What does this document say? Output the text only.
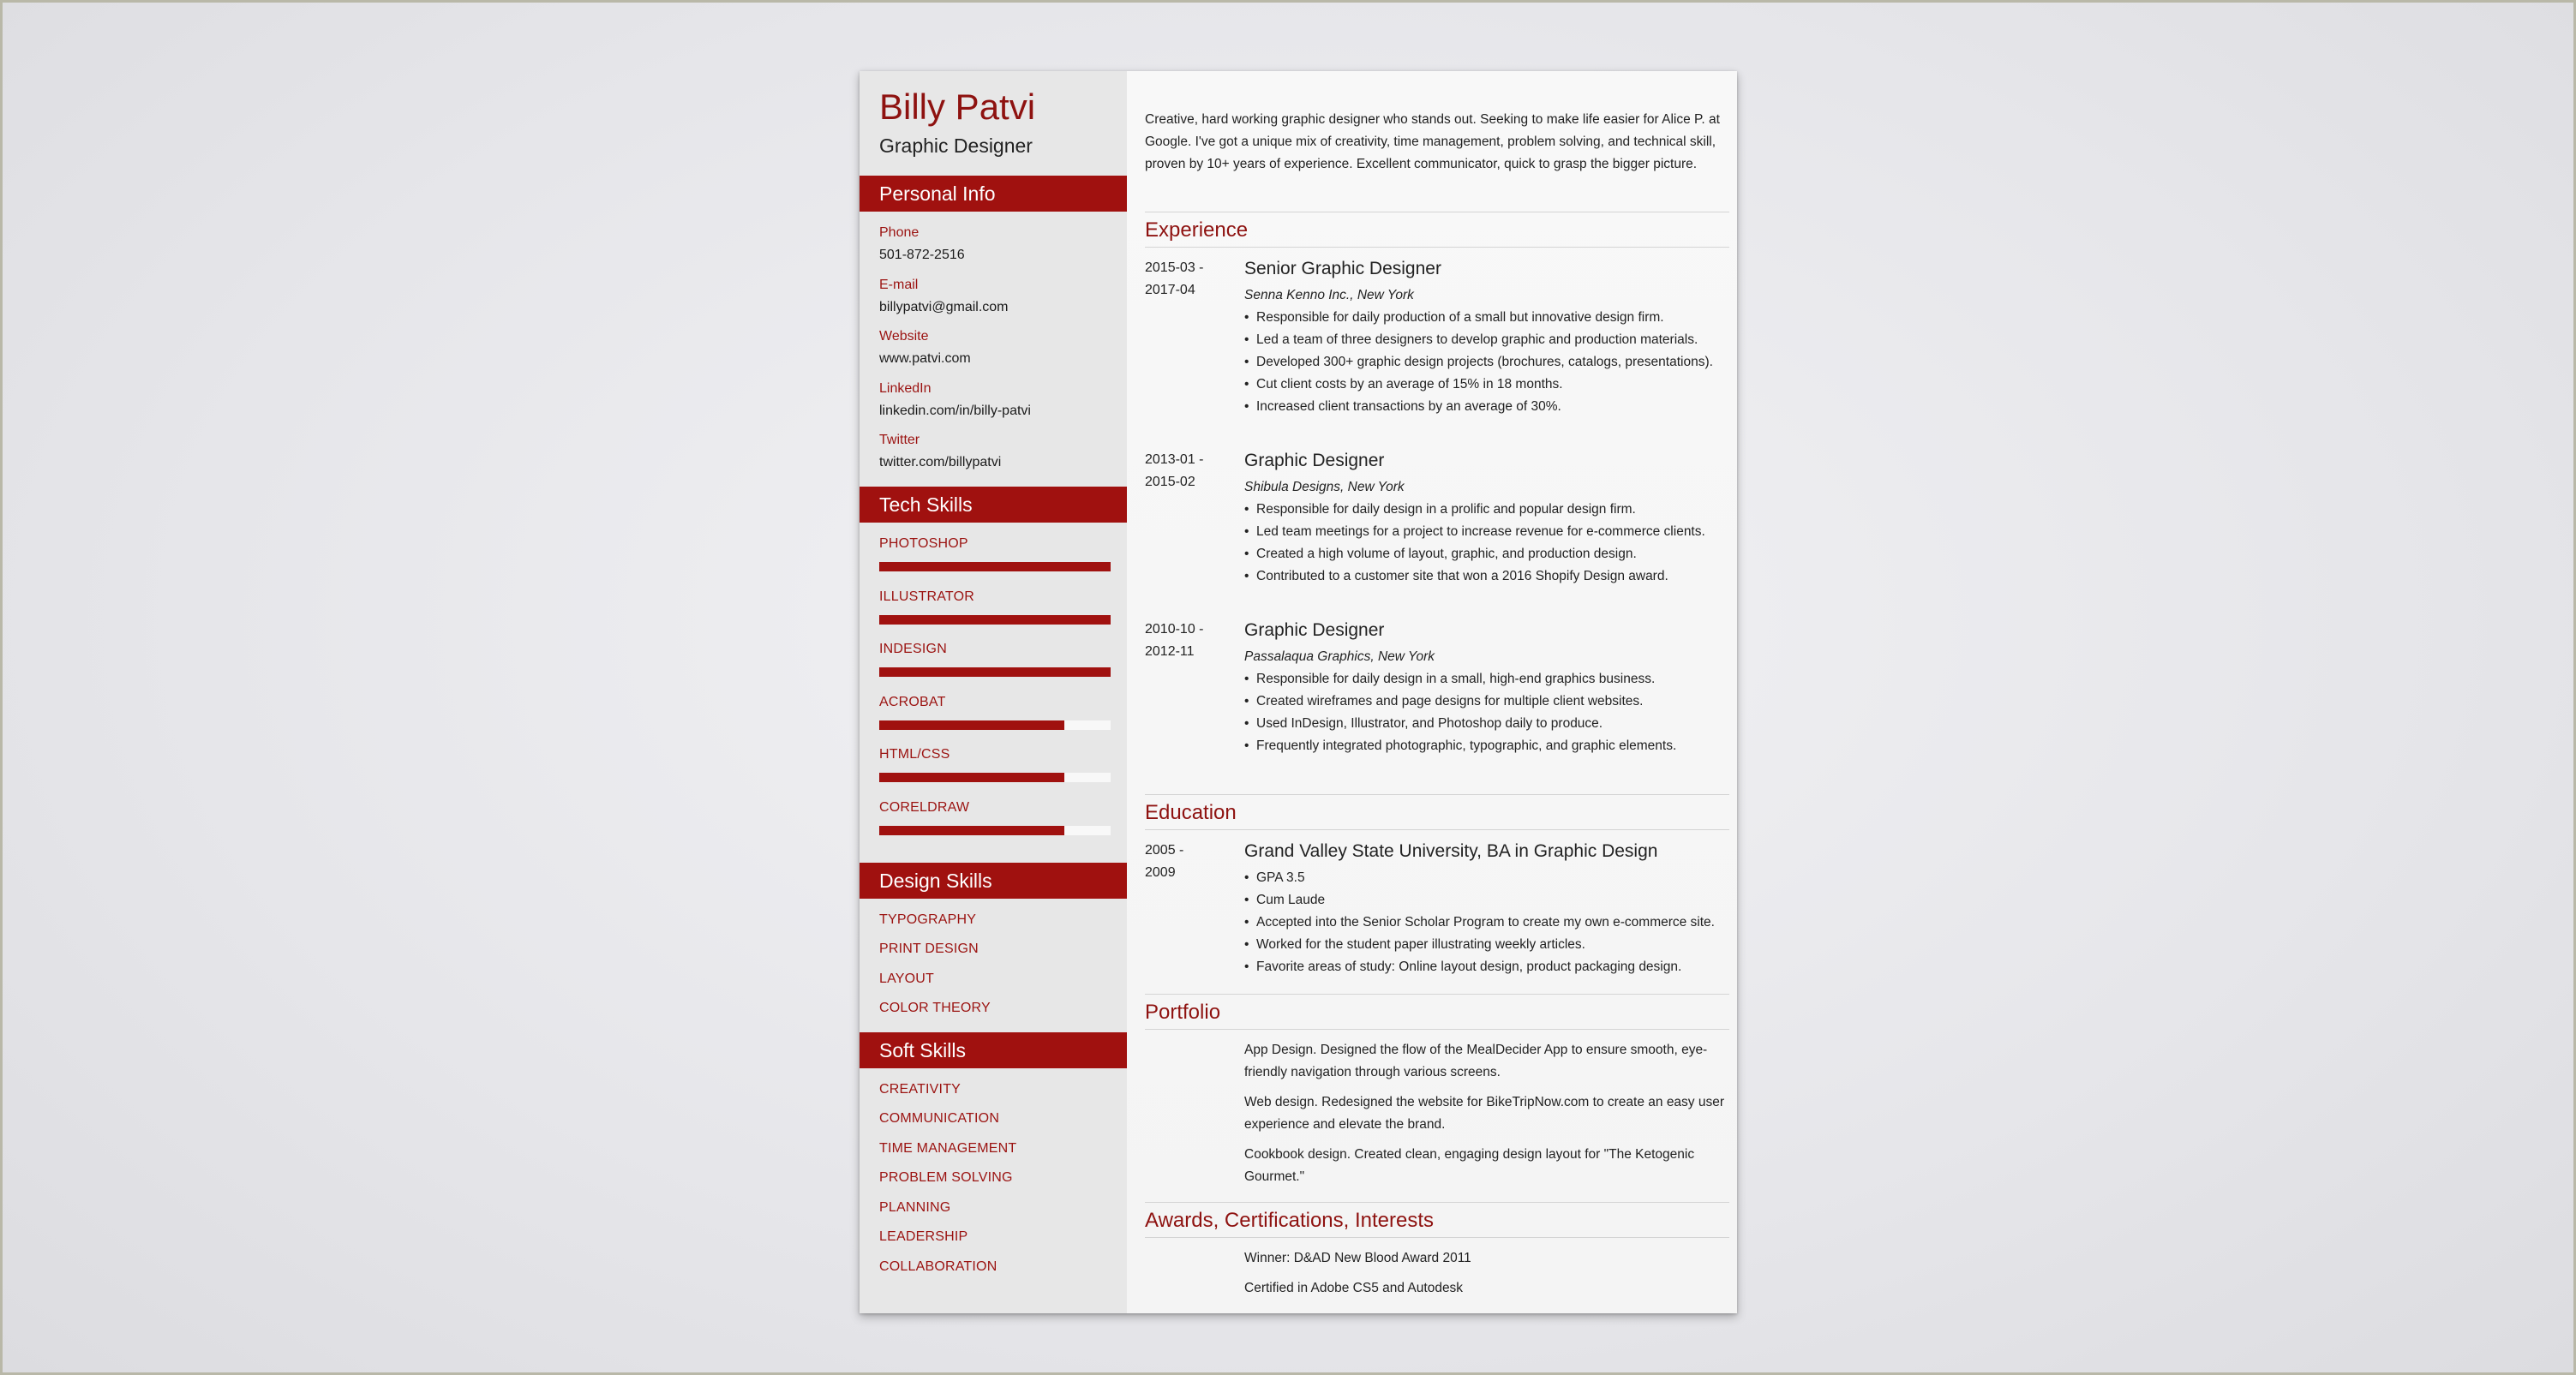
Billy Patvi
Graphic Designer
Personal Info
Phone
501-872-2516
E-mail
billypatvi@gmail.com
Website
www.patvi.com
LinkedIn
linkedin.com/in/billy-patvi
Twitter
twitter.com/billypatvi
Tech Skills
PHOTOSHOP
ILLUSTRATOR
INDESIGN
ACROBAT
HTML/CSS
CORELDRAW
Design Skills
TYPOGRAPHY
PRINT DESIGN
LAYOUT
COLOR THEORY
Soft Skills
CREATIVITY
COMMUNICATION
TIME MANAGEMENT
PROBLEM SOLVING
PLANNING
LEADERSHIP
COLLABORATION
Creative, hard working graphic designer who stands out. Seeking to make life easier for Alice P. at Google. I've got a unique mix of creativity, time management, problem solving, and technical skill, proven by 10+ years of experience. Excellent communicator, quick to grasp the bigger picture.
Experience
2015-03 -
2017-04
Senior Graphic Designer
Senna Kenno Inc., New York
• Responsible for daily production of a small but innovative design firm.
• Led a team of three designers to develop graphic and production materials.
• Developed 300+ graphic design projects (brochures, catalogs, presentations).
• Cut client costs by an average of 15% in 18 months.
• Increased client transactions by an average of 30%.
2013-01 -
2015-02
Graphic Designer
Shibula Designs, New York
• Responsible for daily design in a prolific and popular design firm.
• Led team meetings for a project to increase revenue for e-commerce clients.
• Created a high volume of layout, graphic, and production design.
• Contributed to a customer site that won a 2016 Shopify Design award.
2010-10 -
2012-11
Graphic Designer
Passalaqua Graphics, New York
• Responsible for daily design in a small, high-end graphics business.
• Created wireframes and page designs for multiple client websites.
• Used InDesign, Illustrator, and Photoshop daily to produce.
• Frequently integrated photographic, typographic, and graphic elements.
Education
2005 -
2009
Grand Valley State University, BA in Graphic Design
• GPA 3.5
• Cum Laude
• Accepted into the Senior Scholar Program to create my own e-commerce site.
• Worked for the student paper illustrating weekly articles.
• Favorite areas of study: Online layout design, product packaging design.
Portfolio
App Design. Designed the flow of the MealDecider App to ensure smooth, eye-friendly navigation through various screens.
Web design. Redesigned the website for BikeTripNow.com to create an easy user experience and elevate the brand.
Cookbook design. Created clean, engaging design layout for "The Ketogenic Gourmet."
Awards, Certifications, Interests
Winner: D&AD New Blood Award 2011
Certified in Adobe CS5 and Autodesk
